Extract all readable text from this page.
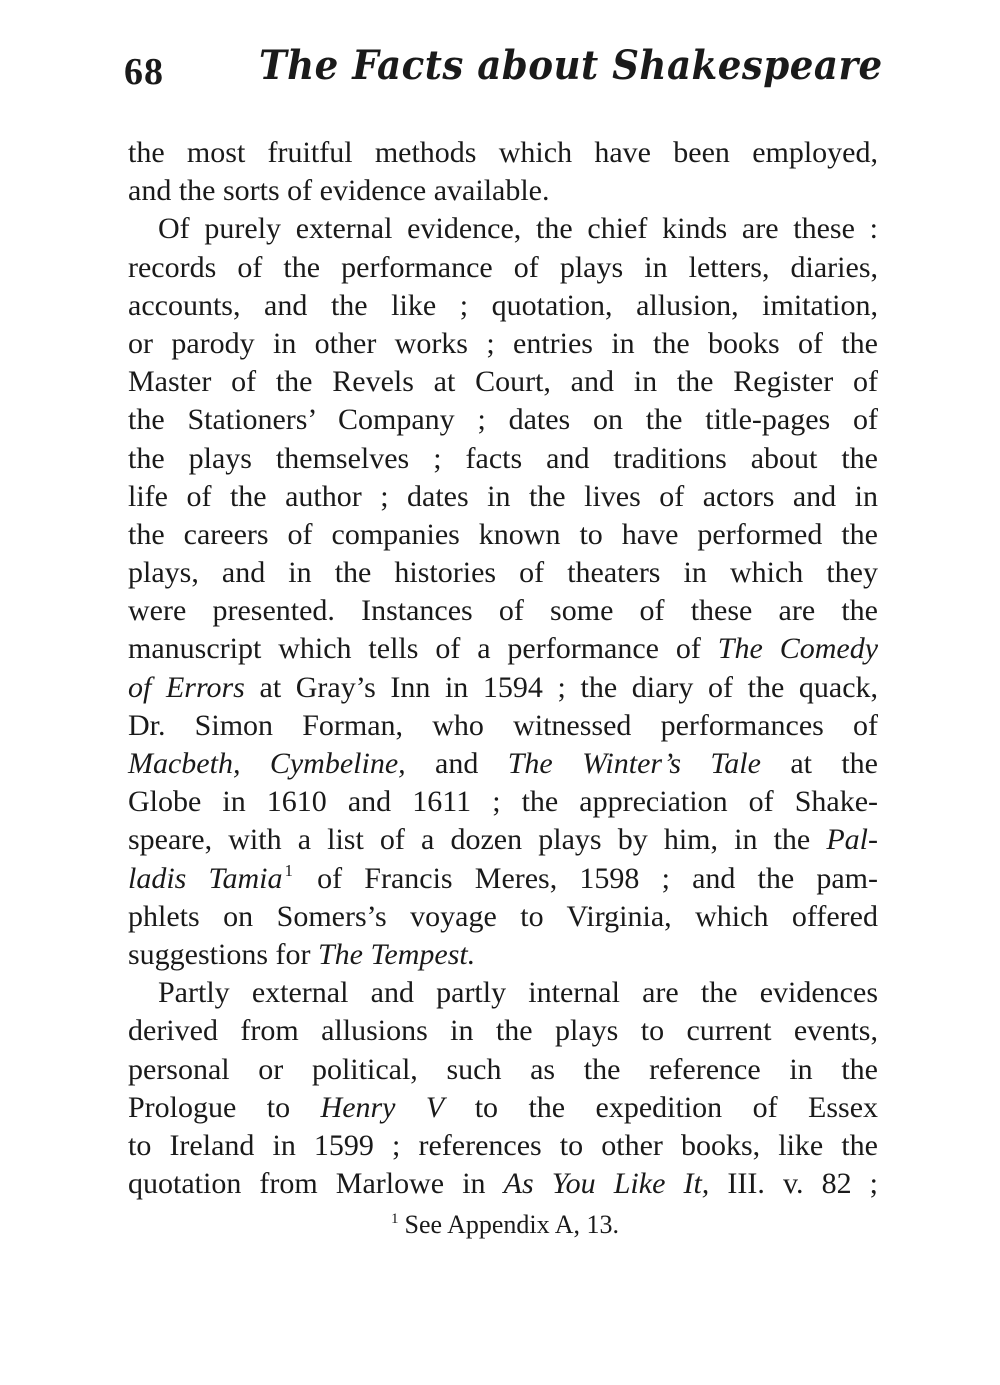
68 The Facts about Shakespeare
the most fruitful methods which have been employed,
and the sorts of evidence available.
Of purely external evidence, the chief kinds are these :
records of the performance of plays in letters, diaries,
accounts, and the like ; quotation, allusion, imitation,
or parody in other works ; entries in the books of the
Master of the Revels at Court, and in the Register of
the Stationers’ Company ; dates on the title-pages of
the plays themselves ; facts and traditions about the
life of the author ; dates in the lives of actors and in
the careers of companies known to have performed the
plays, and in the histories of theaters in which they
were presented. Instances of some of these are the
manuscript which tells of a performance of The Comedy
of Errors at Gray’s Inn in 1594 ; the diary of the quack,
Dr. Simon Forman, who witnessed performances of
Macbeth, Cymbeline, and The Winter’s Tale at the
Globe in 1610 and 1611 ; the appreciation of Shake-
speare, with a list of a dozen plays by him, in the Pal-
ladis Tamia $^1$ of Francis Meres, 1598 ; and the pam-
phlets on Somers’s voyage to Virginia, which offered
suggestions for The Tempest.
Partly external and partly internal are the evidences
derived from allusions in the plays to current events,
personal or political, such as the reference in the
Prologue to Henry V to the expedition of Essex
to Ireland in 1599 ; references to other books, like the
quotation from Marlowe in As You Like It, III. v. 82 ;
$^1$ See Appendix A, 13.
